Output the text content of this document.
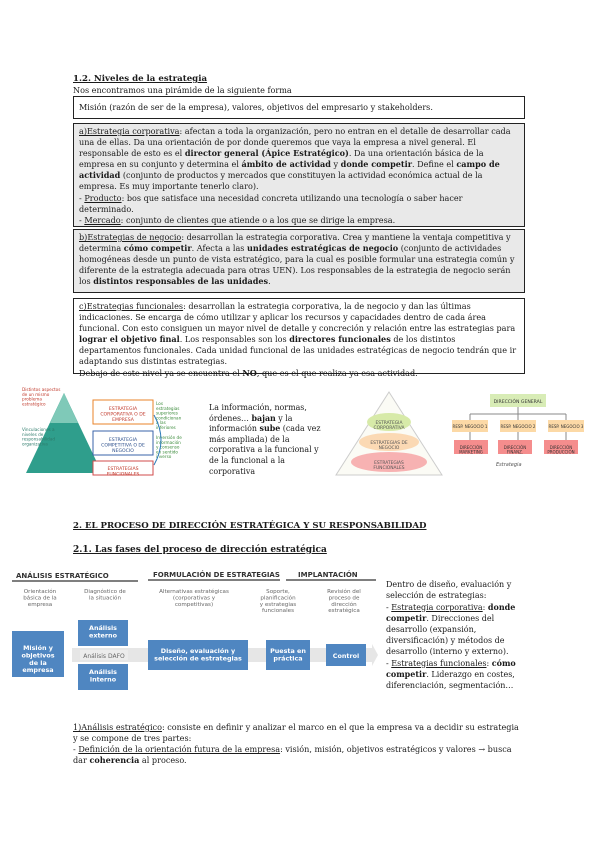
1.2. Niveles de la estrategia
Nos encontramos una pirámide de la siguiente forma
Misión (razón de ser de la empresa), valores, objetivos del empresario y stakeholders.
a)Estrategia corporativa: afectan a toda la organización, pero no entran en el detalle de desarrollar cada una de ellas. Da una orientación de por donde queremos que vaya la empresa a nivel general. El responsable de esto es el director general (Ápice Estratégico). Da una orientación básica de la empresa en su conjunto y determina el ámbito de actividad y donde competir. Define el campo de actividad (conjunto de productos y mercados que constituyen la actividad económica actual de la empresa. Es muy importante tenerlo claro).
- Producto: bos que satisface una necesidad concreta utilizando una tecnología o saber hacer determinado.
- Mercado: conjunto de clientes que atiende o a los que se dirige la empresa.
b)Estrategias de negocio: desarrollan la estrategia corporativa. Crea y mantiene la ventaja competitiva y determina cómo competir. Afecta a las unidades estratégicas de negocio (conjunto de actividades homogéneas desde un punto de vista estratégico, para la cual es posible formular una estrategia común y diferente de la estrategia adecuada para otras UEN). Los responsables de la estrategia de negocio serán los distintos responsables de las unidades.
c)Estrategias funcionales: desarrollan la estrategia corporativa, la de negocio y dan las últimas indicaciones. Se encarga de cómo utilizar y aplicar los recursos y capacidades dentro de cada área funcional. Con esto consiguen un mayor nivel de detalle y concreción y relación entre las estrategias para lograr el objetivo final. Los responsables son los directores funcionales de los distintos departamentos funcionales. Cada unidad funcional de las unidades estratégicas de negocio tendrán que ir adaptando sus distintas estrategias.
Debajo de este nivel ya se encuentra el NO, que es el que realiza ya esa actividad.
ESTRATEGIA CORPORATIVA O DE EMPRESA
ESTRATEGIA COMPETITIVA O DE NEGOCIO
ESTRATEGIAS FUNCIONALES
Distintos aspectos de un mismo problema estratégico
Vinculaciones a niveles de responsabilidad organizativa
Los estrategias superiores condicionan a las inferiores
Inversión de información y consenso en sentido inverso
La información, normas, órdenes… bajan y la información sube (cada vez más ampliada) de la corporativa a la funcional y de la funcional a la corporativa
ESTRATEGIA CORPORATIVA
ESTRATEGIAS DE NEGOCIO
ESTRATEGIAS FUNCIONALES
DIRECCIÓN GENERAL
RESP. NEGOCIO 1	RESP. NEGOCIO 2	RESP. NEGOCIO 3
DIRECCIÓN MARKETING
DIRECCIÓN FINANZ.
DIRECCIÓN PRODUCCIÓN
Estrategia
2. EL PROCESO DE DIRECCIÓN ESTRATÉGICA Y SU RESPONSABILIDAD
2.1. Las fases del proceso de dirección estratégica
ANÁLISIS ESTRATÉGICO	FORMULACIÓN DE ESTRATEGIAS	IMPLANTACIÓN
Orientación básica de la empresa
Diagnóstico de la situación
Alternativas estratégicas (corporativas y competitivas)
Soporte, planificación y estrategias funcionales
Revisión del proceso de dirección estratégica
Misión y objetivos de la empresa
Análisis externo
Análisis interno
Diseño, evaluación y selección de estrategias
Puesta en práctica	Control
Análisis DAFO
Dentro de diseño, evaluación y selección de estrategias:
- Estrategia corporativa: donde competir. Direcciones del desarrollo (expansión, diversificación) y métodos de desarrollo (interno y externo).
- Estrategias funcionales: cómo competir. Liderazgo en costes, diferenciación, segmentación…
1)Análisis estratégico: consiste en definir y analizar el marco en el que la empresa va a decidir su estrategia y se compone de tres partes:
- Definición de la orientación futura de la empresa: visión, misión, objetivos estratégicos y valores → busca dar coherencia al proceso.
